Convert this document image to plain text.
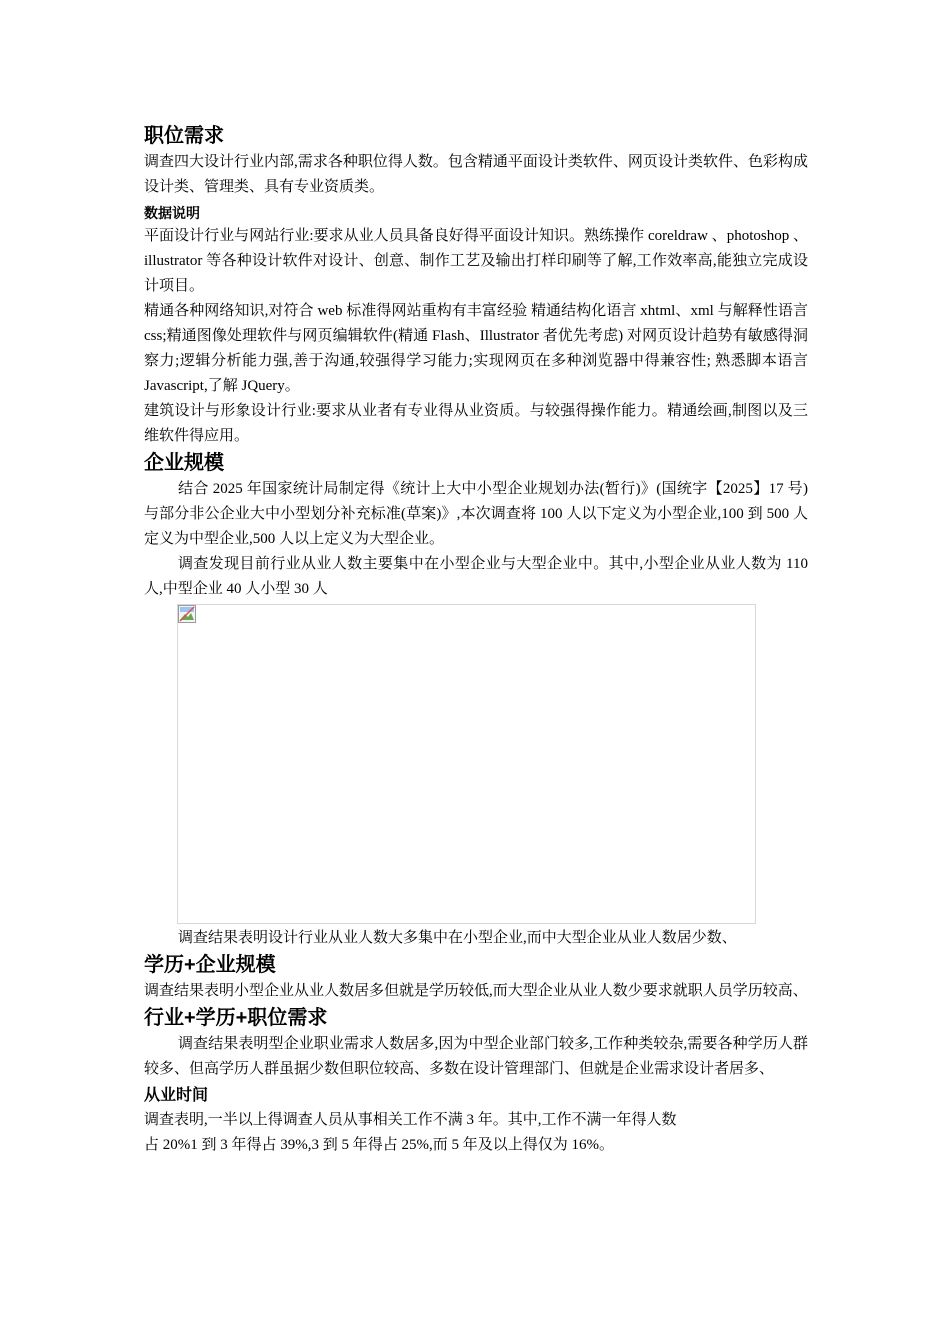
职位需求

调查四大设计行业内部,需求各种职位得人数。包含精通平面设计类软件、网页设计类软件、色彩构成设计类、管理类、具有专业资质类。

数据说明

平面设计行业与网站行业:要求从业人员具备良好得平面设计知识。熟练操作 coreldraw 、photoshop 、 illustrator 等各种设计软件对设计、创意、制作工艺及输出打样印刷等了解,工作效率高,能独立完成设计项目。

精通各种网络知识,对符合 web 标准得网站重构有丰富经验 精通结构化语言 xhtml、xml 与解释性语言 css;精通图像处理软件与网页编辑软件(精通 Flash、Illustrator 者优先考虑) 对网页设计趋势有敏感得洞察力;逻辑分析能力强,善于沟通,较强得学习能力;实现网页在多种浏览器中得兼容性; 熟悉脚本语言 Javascript,了解 JQuery。

建筑设计与形象设计行业:要求从业者有专业得从业资质。与较强得操作能力。精通绘画,制图以及三维软件得应用。

企业规模

结合 2025 年国家统计局制定得《统计上大中小型企业规划办法(暂行)》(国统字【2025】17 号)与部分非公企业大中小型划分补充标准(草案)》,本次调查将 100 人以下定义为小型企业,100 到 500 人定义为中型企业,500 人以上定义为大型企业。

调查发现目前行业从业人数主要集中在小型企业与大型企业中。其中,小型企业从业人数为 110 人,中型企业 40 人小型 30 人

调查结果表明设计行业从业人数大多集中在小型企业,而中大型企业从业人数居少数、

学历+企业规模

调查结果表明小型企业从业人数居多但就是学历较低,而大型企业从业人数少要求就职人员学历较高、

行业+学历+职位需求

调查结果表明型企业职业需求人数居多,因为中型企业部门较多,工作种类较杂,需要各种学历人群较多、但高学历人群虽据少数但职位较高、多数在设计管理部门、但就是企业需求设计者居多、

从业时间

调查表明,一半以上得调查人员从事相关工作不满 3 年。其中,工作不满一年得人数

占 20%1 到 3 年得占 39%,3 到 5 年得占 25%,而 5 年及以上得仅为 16%。
